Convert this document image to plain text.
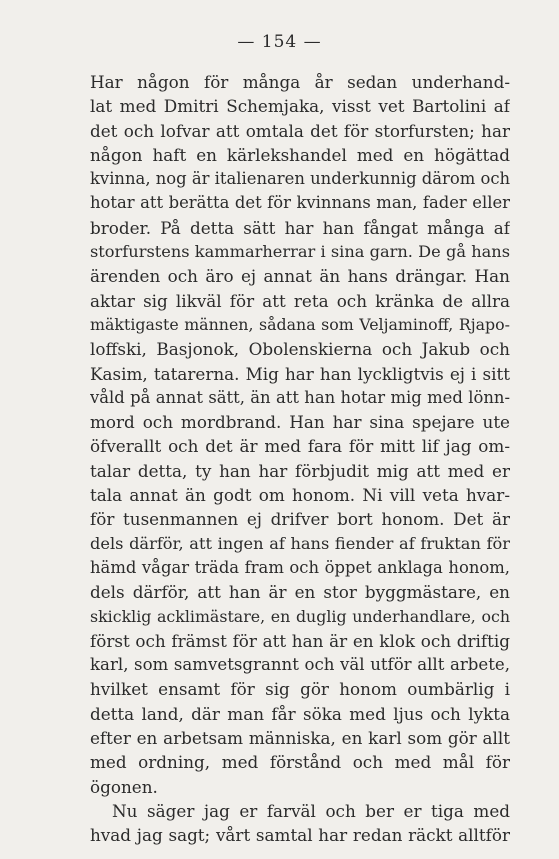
— 154 —
Har någon för många år sedan underhand-
lat med Dmitri Schemjaka, visst vet Bartolini af
det och lofvar att omtala det för storfursten; har
någon haft en kärlekshandel med en högättad
kvinna, nog är italienaren underkunnig därom och
hotar att berätta det för kvinnans man, fader eller
broder. På detta sätt har han fångat många af
storfurstens kammarherrar i sina garn. De gå hans
ärenden och äro ej annat än hans drängar. Han
aktar sig likväl för att reta och kränka de allra
mäktigaste männen, sådana som Veljaminoff, Rjapo-
loffski, Basjonok, Obolenskierna och Jakub och
Kasim, tatarerna. Mig har han lyckligtvis ej i sitt
våld på annat sätt, än att han hotar mig med lönn-
mord och mordbrand. Han har sina spejare ute
öfverallt och det är med fara för mitt lif jag om-
talar detta, ty han har förbjudit mig att med er
tala annat än godt om honom. Ni vill veta hvar-
för tusenmannen ej drifver bort honom. Det är
dels därför, att ingen af hans fiender af fruktan för
hämd vågar träda fram och öppet anklaga honom,
dels därför, att han är en stor byggmästare, en
skicklig acklimästare, en duglig underhandlare, och
först och främst för att han är en klok och driftig
karl, som samvetsgrannt och väl utför allt arbete,
hvilket ensamt för sig gör honom oumbärlig i
detta land, där man får söka med ljus och lykta
efter en arbetsam människa, en karl som gör allt
med ordning, med förstånd och med mål för
ögonen.
Nu säger jag er farväl och ber er tiga med
hvad jag sagt; vårt samtal har redan räckt alltför
